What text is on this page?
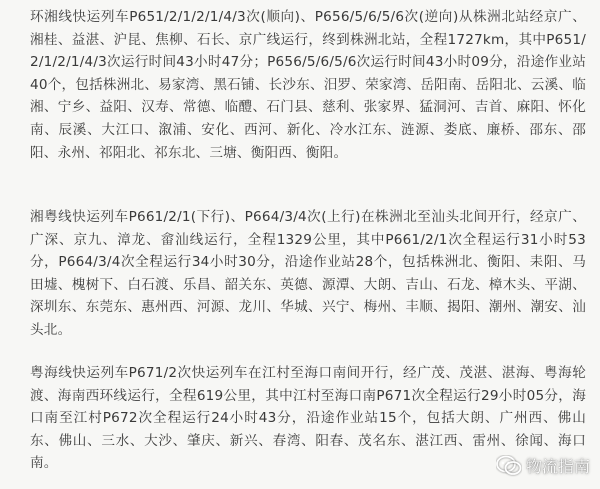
环湘线快运列车P651/2/1/2/1/4/3次(顺向)、P656/5/6/5/6次(逆向)从株洲北站经京广、湘桂、益湛、沪昆、焦柳、石长、京广线运行，终到株洲北站，全程1727km，其中P651/2/1/2/1/4/3次运行时间43小时47分；P656/5/6/5/6次运行时间43小时09分，沿途作业站40个，包括株洲北、易家湾、黑石铺、长沙东、汨罗、荣家湾、岳阳南、岳阳北、云溪、临湘、宁乡、益阳、汉寿、常德、临醴、石门县、慈利、张家界、猛洞河、吉首、麻阳、怀化南、辰溪、大江口、溆浦、安化、西河、新化、冷水江东、涟源、娄底、廉桥、邵东、邵阳、永州、祁阳北、祁东北、三塘、衡阳西、衡阳。

湘粤线快运列车P661/2/1(下行)、P664/3/4次(上行)在株洲北至汕头北间开行，经京广、广深、京九、漳龙、畲汕线运行，全程1329公里，其中P661/2/1次全程运行31小时53分，P664/3/4次全程运行34小时30分，沿途作业站28个，包括株洲北、衡阳、耒阳、马田墟、槐树下、白石渡、乐昌、韶关东、英德、源潭、大朗、吉山、石龙、樟木头、平湖、深圳东、东莞东、惠州西、河源、龙川、华城、兴宁、梅州、丰顺、揭阳、潮州、潮安、汕头北。

粤海线快运列车P671/2次快运列车在江村至海口南间开行，经广茂、茂湛、湛海、粤海轮渡、海南西环线运行，全程619公里，其中江村至海口南P671次全程运行29小时05分，海口南至江村P672次全程运行24小时43分，沿途作业站15个，包括大朗、广州西、佛山东、佛山、三水、大沙、肇庆、新兴、春湾、阳春、茂名东、湛江西、雷州、徐闻、海口南。	物流指南
